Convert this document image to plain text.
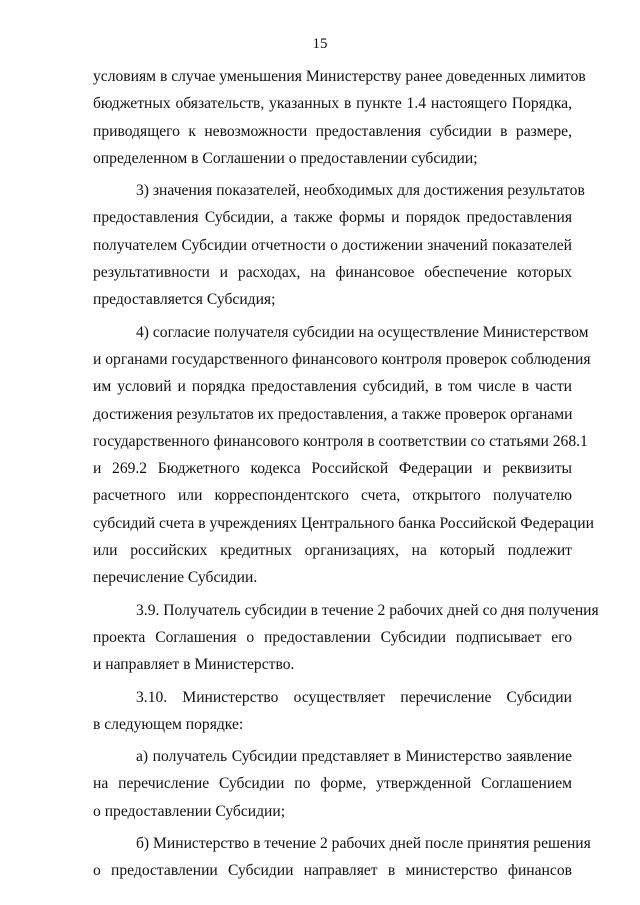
15
условиям в случае уменьшения Министерству ранее доведенных лимитов
бюджетных обязательств, указанных в пункте 1.4 настоящего Порядка,
приводящего к невозможности предоставления субсидии в размере,
определенном в Соглашении о предоставлении субсидии;
3) значения показателей, необходимых для достижения результатов
предоставления Субсидии, а также формы и порядок предоставления
получателем Субсидии отчетности о достижении значений показателей
результативности и расходах, на финансовое обеспечение которых
предоставляется Субсидия;
4) согласие получателя субсидии на осуществление Министерством
и органами государственного финансового контроля проверок соблюдения
им условий и порядка предоставления субсидий, в том числе в части
достижения результатов их предоставления, а также проверок органами
государственного финансового контроля в соответствии со статьями 268.1
и 269.2 Бюджетного кодекса Российской Федерации и реквизиты
расчетного или корреспондентского счета, открытого получателю
субсидий счета в учреждениях Центрального банка Российской Федерации
или российских кредитных организациях, на который подлежит
перечисление Субсидии.
3.9. Получатель субсидии в течение 2 рабочих дней со дня получения
проекта Соглашения о предоставлении Субсидии подписывает его
и направляет в Министерство.
3.10. Министерство осуществляет перечисление Субсидии
в следующем порядке:
а) получатель Субсидии представляет в Министерство заявление
на перечисление Субсидии по форме, утвержденной Соглашением
о предоставлении Субсидии;
б) Министерство в течение 2 рабочих дней после принятия решения
о предоставлении Субсидии направляет в министерство финансов
